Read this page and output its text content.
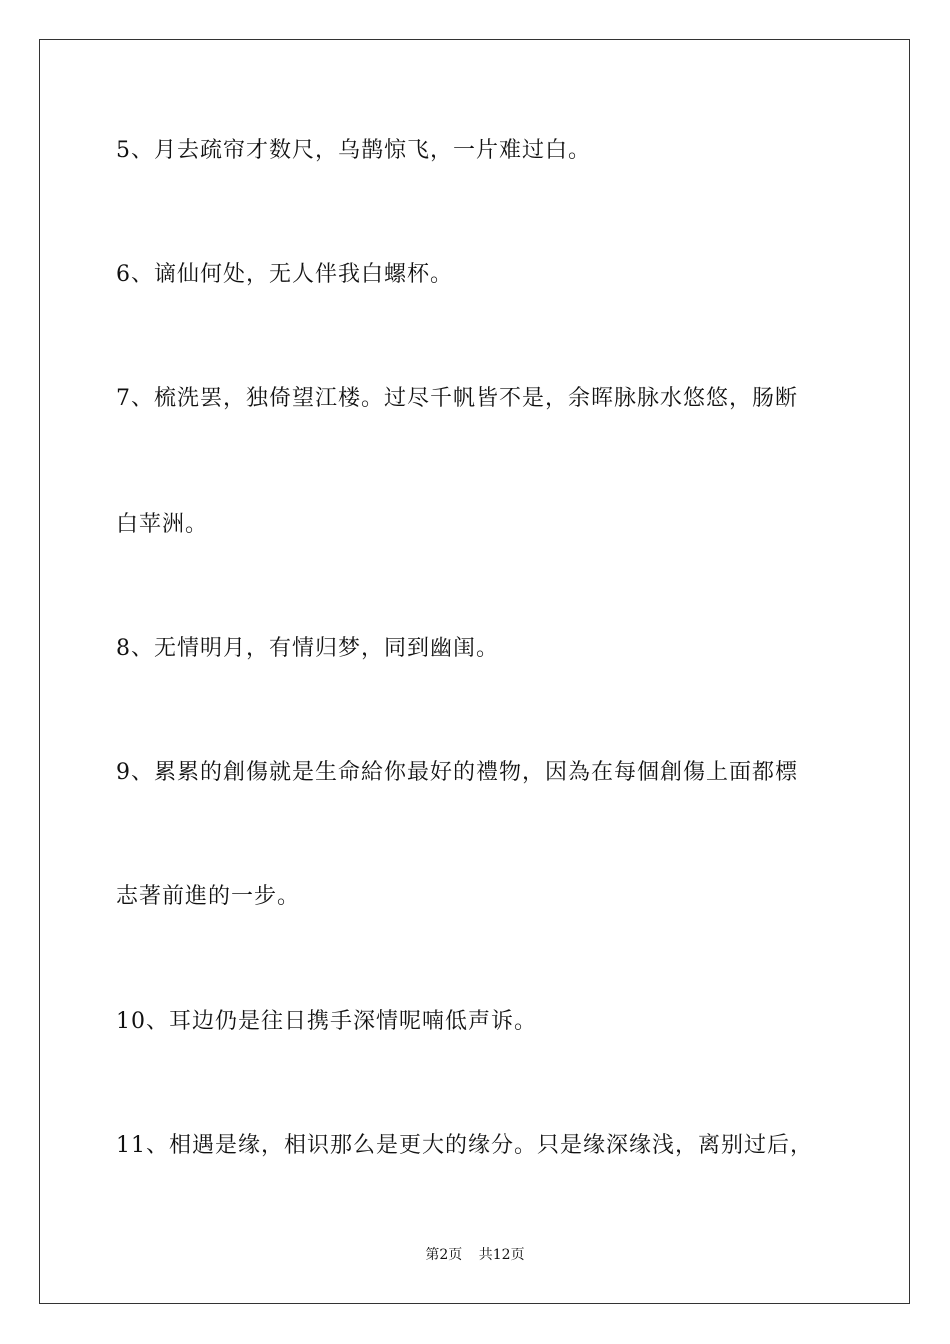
5、月去疏帘才数尺，乌鹊惊飞，一片难过白。
6、谪仙何处，无人伴我白螺杯。
7、梳洗罢，独倚望江楼。过尽千帆皆不是，余晖脉脉水悠悠，肠断
白苹洲。
8、无情明月，有情归梦，同到幽闺。
9、累累的創傷就是生命給你最好的禮物，因為在每個創傷上面都標
志著前進的一步。
10、耳边仍是往日携手深情呢喃低声诉。
11、相遇是缘，相识那么是更大的缘分。只是缘深缘浅，离别过后，
第2页 共12页
